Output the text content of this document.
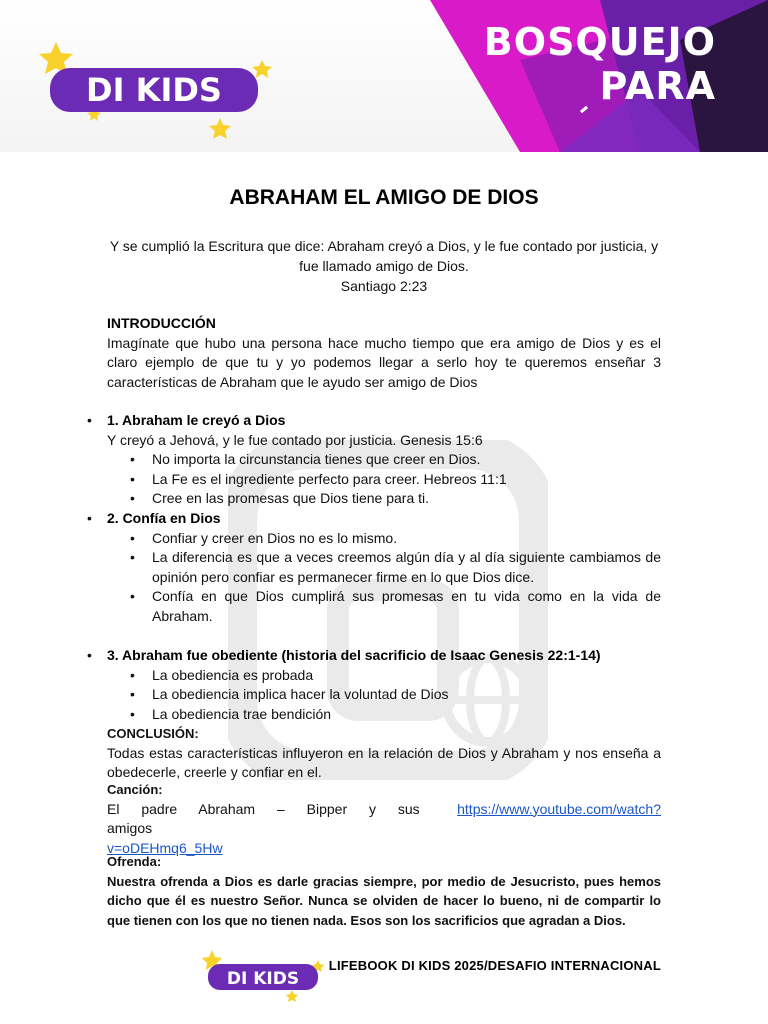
BOSQUEJO
PARA
DI KIDS
ABRAHAM EL AMIGO DE DIOS

Y se cumplió la Escritura que dice: Abraham creyó a Dios, y le fue contado por justicia, y fue llamado amigo de Dios.

Santiago 2:23

INTRODUCCIÓN
Imagínate que hubo una persona hace mucho tiempo que era amigo de Dios y es el claro ejemplo de que tu y yo podemos llegar a serlo hoy te queremos enseñar 3 características de Abraham que le ayudo ser amigo de Dios
• 1. Abraham le creyó a Dios
Y creyó a Jehová, y le fue contado por justicia. Genesis 15:6
• No importa la circunstancia tienes que creer en Dios.
• La Fe es el ingrediente perfecto para creer. Hebreos 11:1
• Cree en las promesas que Dios tiene para ti.
• 2. Confía en Dios
• Confiar y creer en Dios no es lo mismo.
• La diferencia es que a veces creemos algún día y al día siguiente cambiamos de opinión pero confiar es permanecer firme en lo que Dios dice.
• Confía en que Dios cumplirá sus promesas en tu vida como en la vida de Abraham.
• 3. Abraham fue obediente (historia del sacrificio de Isaac Genesis 22:1-14)
• La obediencia es probada
• La obediencia implica hacer la voluntad de Dios
• La obediencia trae bendición
CONCLUSIÓN:
Todas estas características influyeron en la relación de Dios y Abraham y nos enseña a obedecerle, creerle y confiar en el.
Canción:
El padre Abraham – Bipper y sus amigos
https://www.youtube.com/watch?
v=oDEHmq6_5Hw
Ofrenda:
Nuestra ofrenda a Dios es darle gracias siempre, por medio de Jesucristo, pues hemos dicho que él es nuestro Señor. Nunca se olviden de hacer lo bueno, ni de compartir lo que tienen con los que no tienen nada. Esos son los sacrificios que agradan a Dios.
DI KIDS
LIFEBOOK DI KIDS 2025/DESAFIO INTERNACIONAL
